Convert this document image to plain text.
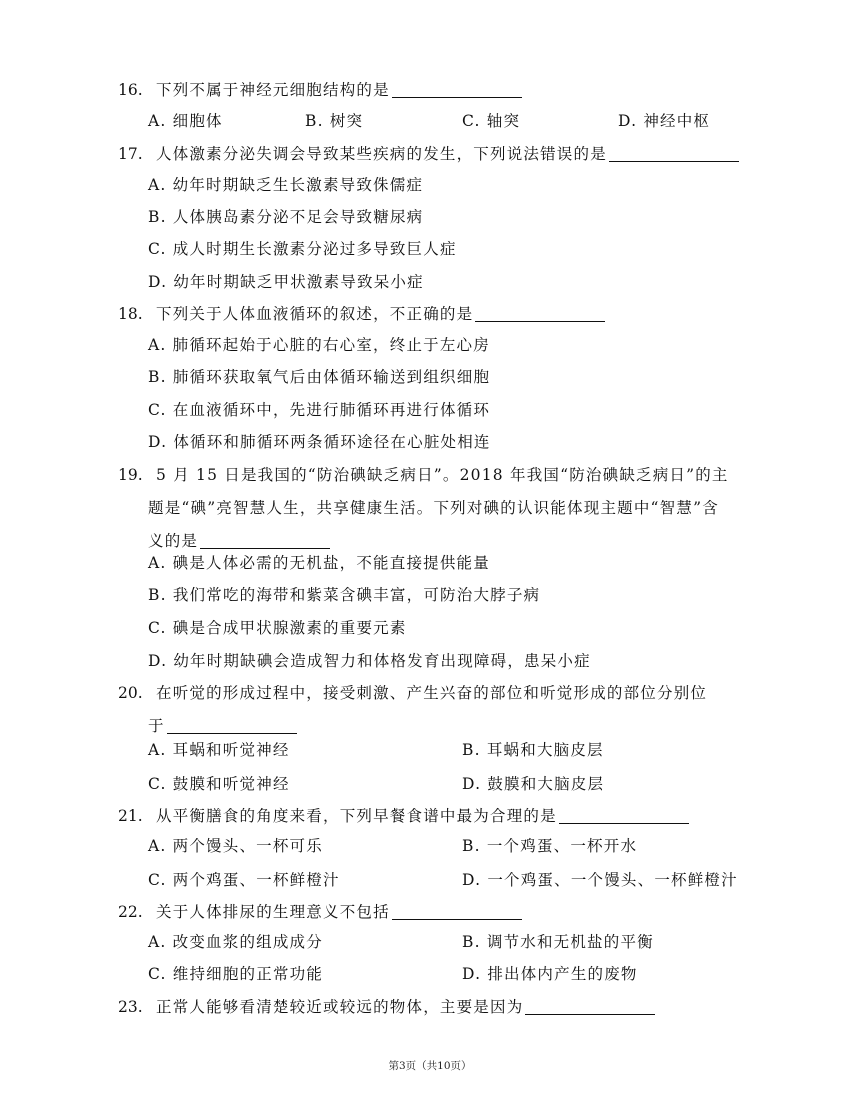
16. 下列不属于神经元细胞结构的是
A. 细胞体	B. 树突	C. 轴突	D. 神经中枢
17. 人体激素分泌失调会导致某些疾病的发生，下列说法错误的是
A. 幼年时期缺乏生长激素导致侏儒症
B. 人体胰岛素分泌不足会导致糖尿病
C. 成人时期生长激素分泌过多导致巨人症
D. 幼年时期缺乏甲状激素导致呆小症
18. 下列关于人体血液循环的叙述，不正确的是
A. 肺循环起始于心脏的右心室，终止于左心房
B. 肺循环获取氧气后由体循环输送到组织细胞
C. 在血液循环中，先进行肺循环再进行体循环
D. 体循环和肺循环两条循环途径在心脏处相连
19. 5 月 15 日是我国的“防治碘缺乏病日”。2018 年我国“防治碘缺乏病日”的主
题是“碘”亮智慧人生，共享健康生活。下列对碘的认识能体现主题中“智慧”含
义的是
A. 碘是人体必需的无机盐，不能直接提供能量
B. 我们常吃的海带和紫菜含碘丰富，可防治大脖子病
C. 碘是合成甲状腺激素的重要元素
D. 幼年时期缺碘会造成智力和体格发育出现障碍，患呆小症
20. 在听觉的形成过程中，接受刺激、产生兴奋的部位和听觉形成的部位分别位
于
A. 耳蜗和听觉神经	B. 耳蜗和大脑皮层
C. 鼓膜和听觉神经	D. 鼓膜和大脑皮层
21. 从平衡膳食的角度来看，下列早餐食谱中最为合理的是
A. 两个馒头、一杯可乐	B. 一个鸡蛋、一杯开水
C. 两个鸡蛋、一杯鲜橙汁	D. 一个鸡蛋、一个馒头、一杯鲜橙汁
22. 关于人体排尿的生理意义不包括
A. 改变血浆的组成成分	B. 调节水和无机盐的平衡
C. 维持细胞的正常功能	D. 排出体内产生的废物
23. 正常人能够看清楚较近或较远的物体，主要是因为
第3页（共10页）
